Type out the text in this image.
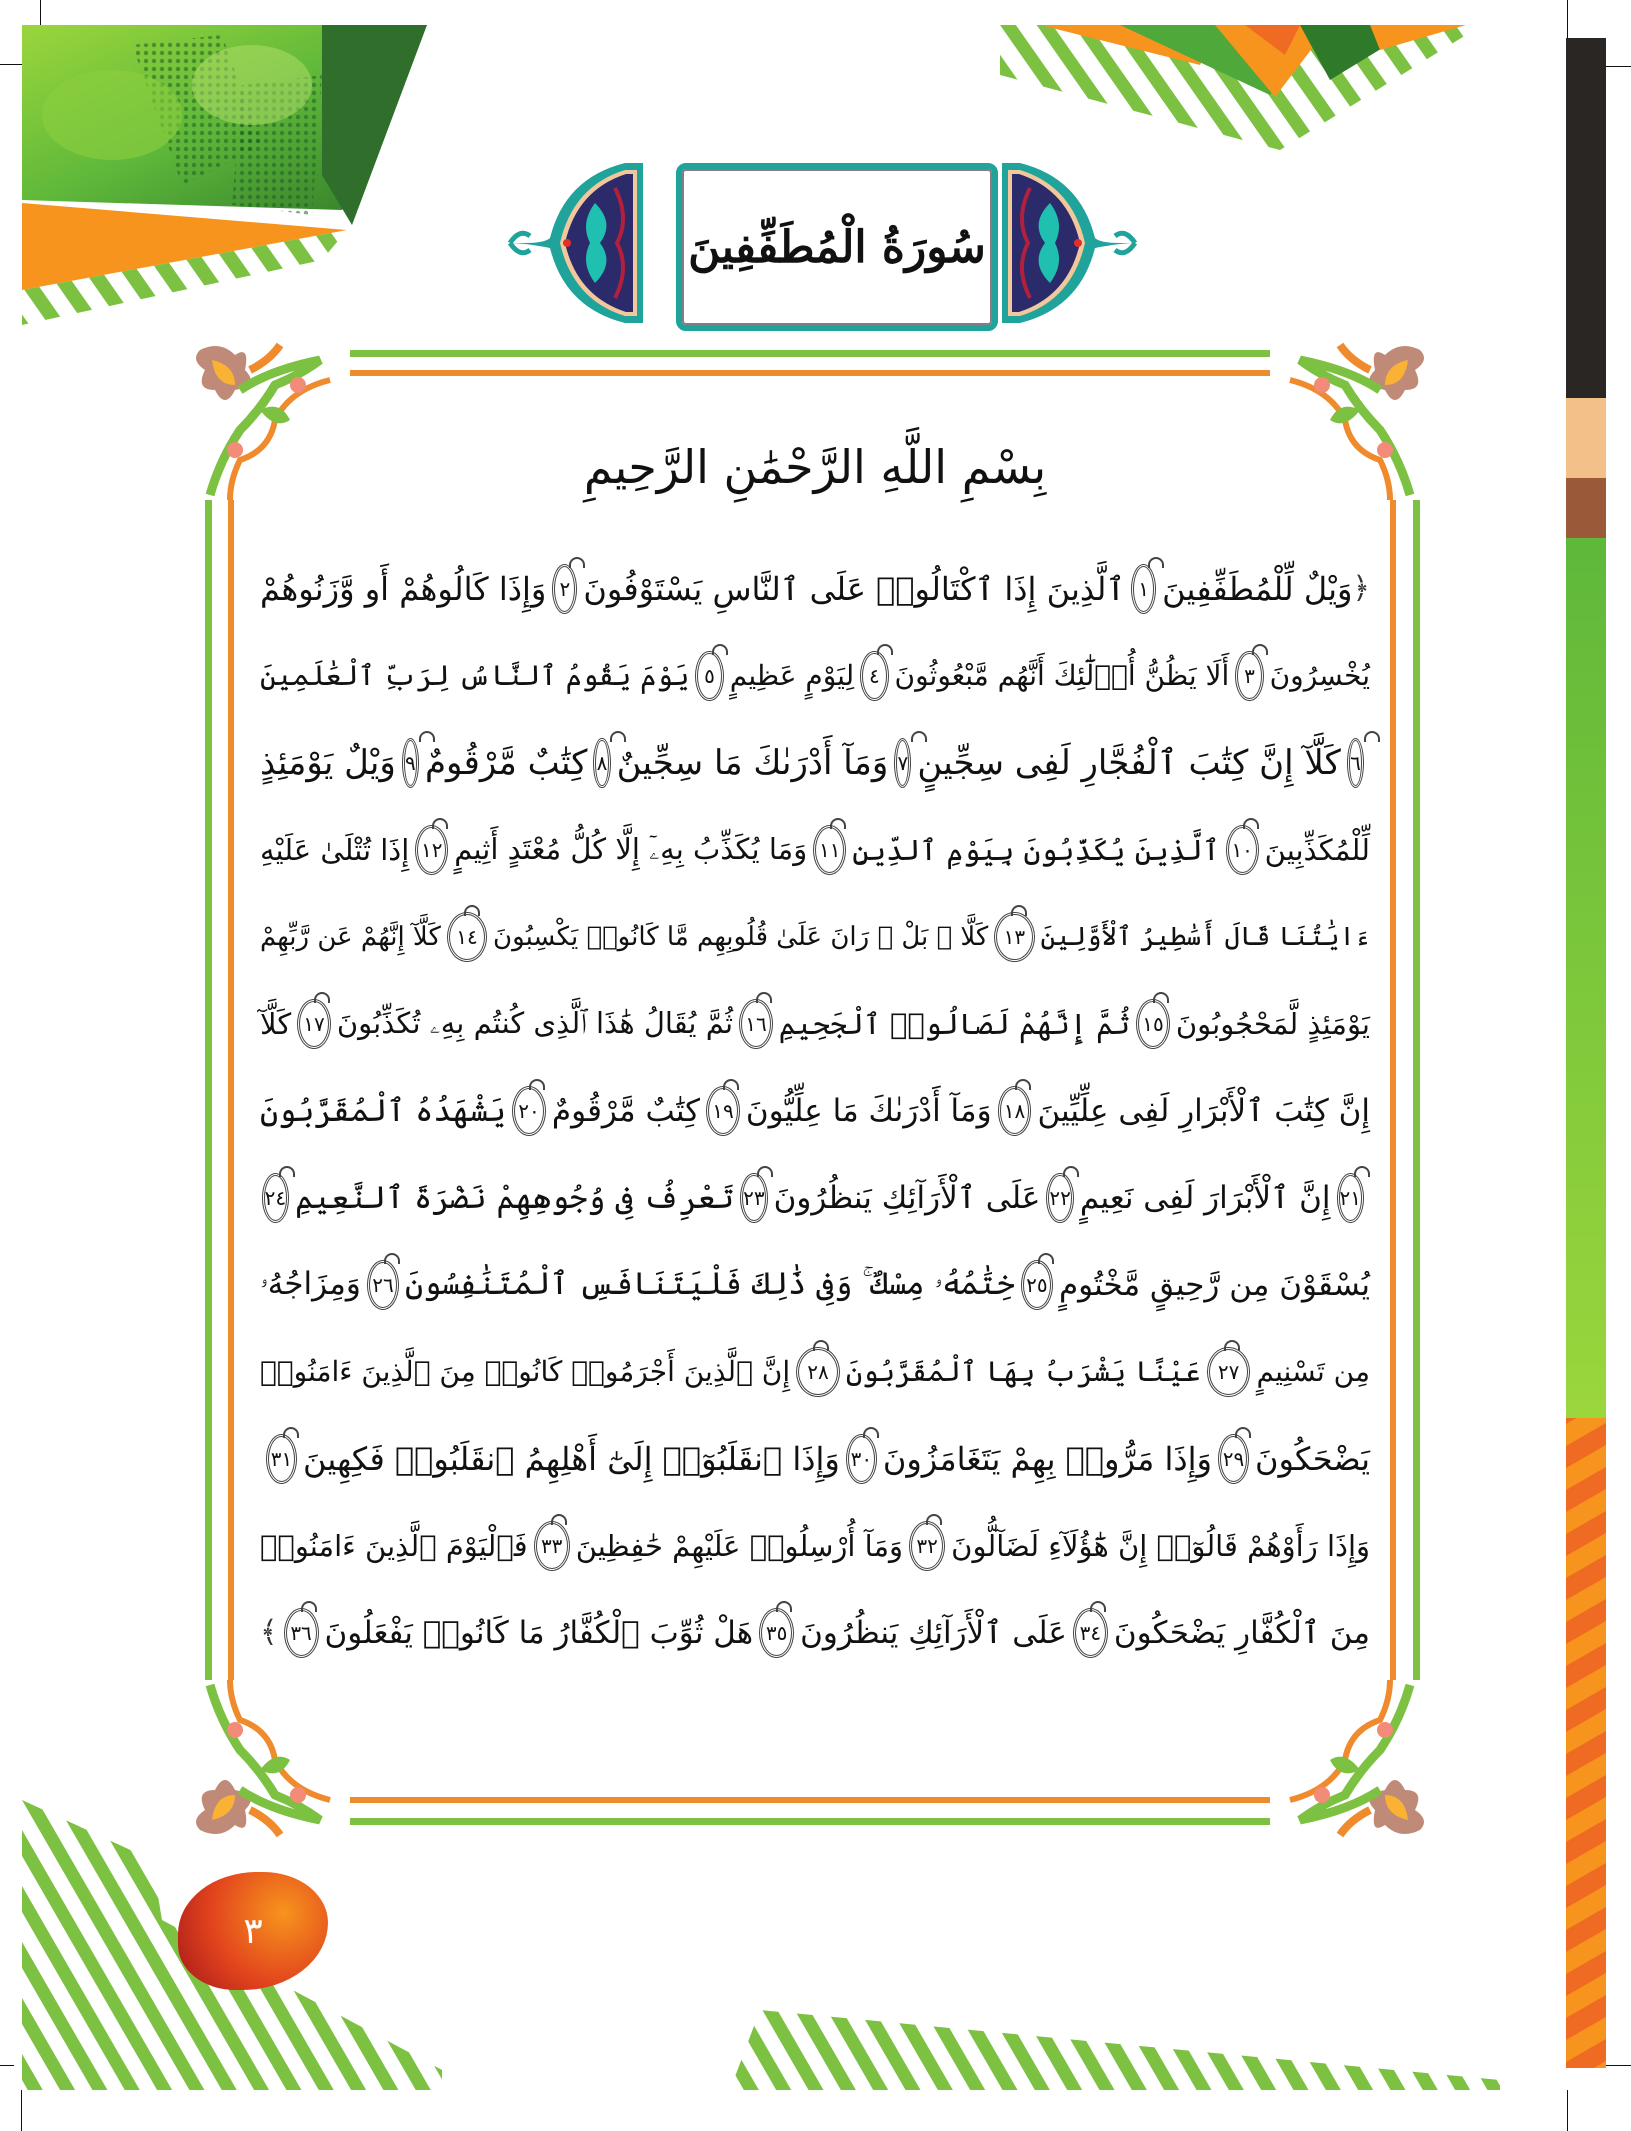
سُورَةُ الْمُطَفِّفِينَ
بِسْمِ اللَّهِ الرَّحْمَٰنِ الرَّحِيمِ
﴿
وَيْلٌ لِّلْمُطَفِّفِينَ
١
ٱلَّذِينَ إِذَا ٱكْتَالُوا۟ عَلَى ٱلنَّاسِ يَسْتَوْفُونَ
٢
وَإِذَا كَالُوهُمْ أَو وَّزَنُوهُمْ
يُخْسِرُونَ
٣
أَلَا يَظُنُّ أُو۟لَٰٓئِكَ أَنَّهُم مَّبْعُوثُونَ
٤
لِيَوْمٍ عَظِيمٍ
٥
يَوْمَ يَقُومُ ٱلنَّاسُ لِرَبِّ ٱلْعَٰلَمِينَ
٦
كَلَّآ إِنَّ كِتَٰبَ ٱلْفُجَّارِ لَفِى سِجِّينٍ
٧
وَمَآ أَدْرَىٰكَ مَا سِجِّينٌ
٨
كِتَٰبٌ مَّرْقُومٌ
٩
وَيْلٌ يَوْمَئِذٍ
لِّلْمُكَذِّبِينَ
١٠
ٱلَّذِينَ يُكَذِّبُونَ بِيَوْمِ ٱلدِّينِ
١١
وَمَا يُكَذِّبُ بِهِۦٓ إِلَّا كُلُّ مُعْتَدٍ أَثِيمٍ
١٢
إِذَا تُتْلَىٰ عَلَيْهِ
ءَايَٰتُنَا قَالَ أَسَٰطِيرُ ٱلْأَوَّلِينَ
١٣
كَلَّا ۖ بَلْ ۜ رَانَ عَلَىٰ قُلُوبِهِم مَّا كَانُوا۟ يَكْسِبُونَ
١٤
كَلَّآ إِنَّهُمْ عَن رَّبِّهِمْ
يَوْمَئِذٍ لَّمَحْجُوبُونَ
١٥
ثُمَّ إِنَّهُمْ لَصَالُوا۟ ٱلْجَحِيمِ
١٦
ثُمَّ يُقَالُ هَٰذَا ٱلَّذِى كُنتُم بِهِۦ تُكَذِّبُونَ
١٧
كَلَّآ
إِنَّ كِتَٰبَ ٱلْأَبْرَارِ لَفِى عِلِّيِّينَ
١٨
وَمَآ أَدْرَىٰكَ مَا عِلِّيُّونَ
١٩
كِتَٰبٌ مَّرْقُومٌ
٢٠
يَشْهَدُهُ ٱلْمُقَرَّبُونَ
٢١
إِنَّ ٱلْأَبْرَارَ لَفِى نَعِيمٍ
٢٢
عَلَى ٱلْأَرَآئِكِ يَنظُرُونَ
٢٣
تَعْرِفُ فِى وُجُوهِهِمْ نَضْرَةَ ٱلنَّعِيمِ
٢٤
يُسْقَوْنَ مِن رَّحِيقٍ مَّخْتُومٍ
٢٥
خِتَٰمُهُۥ مِسْكٌ ۚ وَفِى ذَٰلِكَ فَلْيَتَنَافَسِ ٱلْمُتَنَٰفِسُونَ
٢٦
وَمِزَاجُهُۥ
مِن تَسْنِيمٍ
٢٧
عَيْنًا يَشْرَبُ بِهَا ٱلْمُقَرَّبُونَ
٢٨
إِنَّ ٱلَّذِينَ أَجْرَمُوا۟ كَانُوا۟ مِنَ ٱلَّذِينَ ءَامَنُوا۟
يَضْحَكُونَ
٢٩
وَإِذَا مَرُّوا۟ بِهِمْ يَتَغَامَزُونَ
٣٠
وَإِذَا ٱنقَلَبُوٓا۟ إِلَىٰٓ أَهْلِهِمُ ٱنقَلَبُوا۟ فَكِهِينَ
٣١
وَإِذَا رَأَوْهُمْ قَالُوٓا۟ إِنَّ هَٰٓؤُلَآءِ لَضَآلُّونَ
٣٢
وَمَآ أُرْسِلُوا۟ عَلَيْهِمْ حَٰفِظِينَ
٣٣
فَٱلْيَوْمَ ٱلَّذِينَ ءَامَنُوا۟
مِنَ ٱلْكُفَّارِ يَضْحَكُونَ
٣٤
عَلَى ٱلْأَرَآئِكِ يَنظُرُونَ
٣٥
هَلْ ثُوِّبَ ٱلْكُفَّارُ مَا كَانُوا۟ يَفْعَلُونَ
٣٦
﴾
٣
